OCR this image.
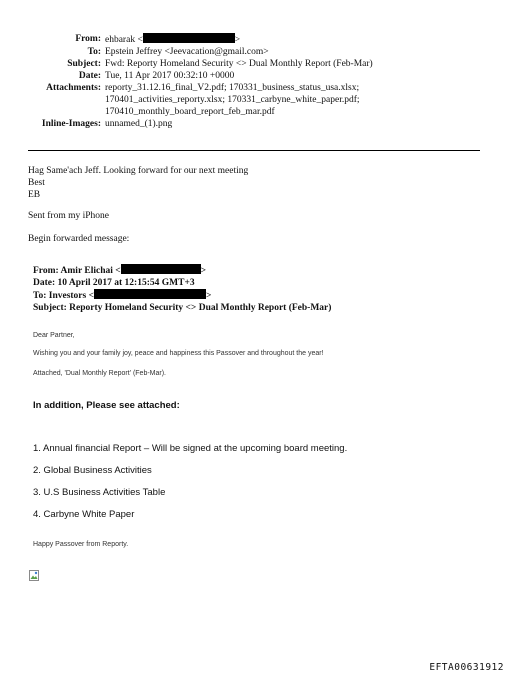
From: ehbarak <	>
To: Epstein Jeffrey <Jeevacation@gmail.com>
Subject: Fwd: Reporty Homeland Security <> Dual Monthly Report (Feb-Mar)
Date: Tue, 11 Apr 2017 00:32:10 +0000
Attachments: reporty_31.12.16_final_V2.pdf; 170331_business_status_usa.xlsx;
170401_activities_reporty.xlsx; 170331_carbyne_white_paper.pdf;
170410_monthly_board_report_feb_mar.pdf
Inline-Images: unnamed_(1).png
Hag Same'ach Jeff. Looking forward for our next meeting
Best
EB
Sent from my iPhone
Begin forwarded message:
From: Amir Elichai <	>
Date: 10 April 2017 at 12:15:54 GMT+3
To: Investors <	>
Subject: Reporty Homeland Security <> Dual Monthly Report (Feb-Mar)
Dear Partner,
Wishing you and your family joy, peace and happiness this Passover and throughout the year!
Attached, 'Dual Monthly Report' (Feb-Mar).
In addition, Please see attached:
1. Annual financial Report – Will be signed at the upcoming board meeting.
2. Global Business Activities
3. U.S Business Activities Table
4. Carbyne White Paper
Happy Passover from Reporty.
EFTA00631912
